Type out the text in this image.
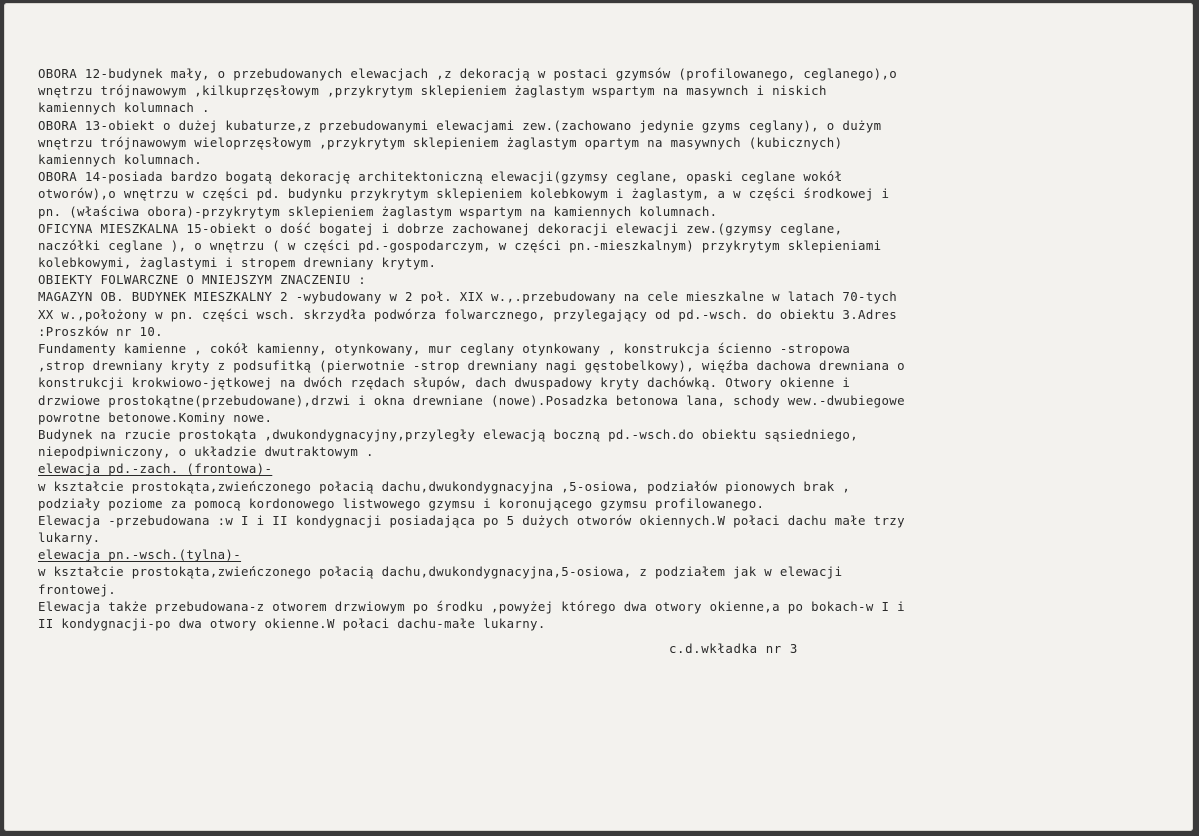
OBORA 12-budynek mały, o przebudowanych elewacjach ,z dekoracją w postaci gzymsów (profilowanego, ceglanego),o
wnętrzu trójnawowym ,kilkuprzęsłowym ,przykrytym sklepieniem żaglastym wspartym na masywnch i niskich
kamiennych kolumnach .
OBORA 13-obiekt o dużej kubaturze,z przebudowanymi elewacjami zew.(zachowano jedynie gzyms ceglany), o dużym
wnętrzu trójnawowym wieloprzęsłowym ,przykrytym sklepieniem żaglastym opartym na masywnych (kubicznych)
kamiennych kolumnach.
OBORA 14-posiada bardzo bogatą dekorację architektoniczną elewacji(gzymsy ceglane, opaski ceglane wokół
otworów),o wnętrzu w części pd. budynku przykrytym sklepieniem kolebkowym i żaglastym, a w części środkowej i
pn. (właściwa obora)-przykrytym sklepieniem żaglastym wspartym na kamiennych kolumnach.
OFICYNA MIESZKALNA 15-obiekt o dość bogatej i dobrze zachowanej dekoracji elewacji zew.(gzymsy ceglane,
naczółki ceglane ), o wnętrzu ( w części pd.-gospodarczym, w części pn.-mieszkalnym) przykrytym sklepieniami
kolebkowymi, żaglastymi i stropem drewniany krytym.
OBIEKTY FOLWARCZNE O MNIEJSZYM ZNACZENIU :
MAGAZYN OB. BUDYNEK MIESZKALNY 2 -wybudowany w 2 poł. XIX w.,.przebudowany na cele mieszkalne w latach 70-tych
XX w.,położony w pn. części wsch. skrzydła podwórza folwarcznego, przylegający od pd.-wsch. do obiektu 3.Adres
:Proszków nr 10.
Fundamenty kamienne , cokół kamienny, otynkowany, mur ceglany otynkowany , konstrukcja ścienno -stropowa
,strop drewniany kryty z podsufitką (pierwotnie -strop drewniany nagi gęstobelkowy), więźba dachowa drewniana o
konstrukcji krokwiowo-jętkowej na dwóch rzędach słupów, dach dwuspadowy kryty dachówką. Otwory okienne i
drzwiowe prostokątne(przebudowane),drzwi i okna drewniane (nowe).Posadzka betonowa lana, schody wew.-dwubiegowe
powrotne betonowe.Kominy nowe.
Budynek na rzucie prostokąta ,dwukondygnacyjny,przyległy elewacją boczną pd.-wsch.do obiektu sąsiedniego,
niepodpiwniczony, o układzie dwutraktowym .
elewacja pd.-zach. (frontowa)-
w kształcie prostokąta,zwieńczonego połacią dachu,dwukondygnacyjna ,5-osiowa, podziałów pionowych brak ,
podziały poziome za pomocą kordonowego listwowego gzymsu i koronującego gzymsu profilowanego.
Elewacja -przebudowana :w I i II kondygnacji posiadająca po 5 dużych otworów okiennych.W połaci dachu małe trzy
lukarny.
elewacja pn.-wsch.(tylna)-
w kształcie prostokąta,zwieńczonego połacią dachu,dwukondygnacyjna,5-osiowa, z podziałem jak w elewacji
frontowej.
Elewacja także przebudowana-z otworem drzwiowym po środku ,powyżej którego dwa otwory okienne,a po bokach-w I i
II kondygnacji-po dwa otwory okienne.W połaci dachu-małe lukarny.
c.d.wkładka nr 3
